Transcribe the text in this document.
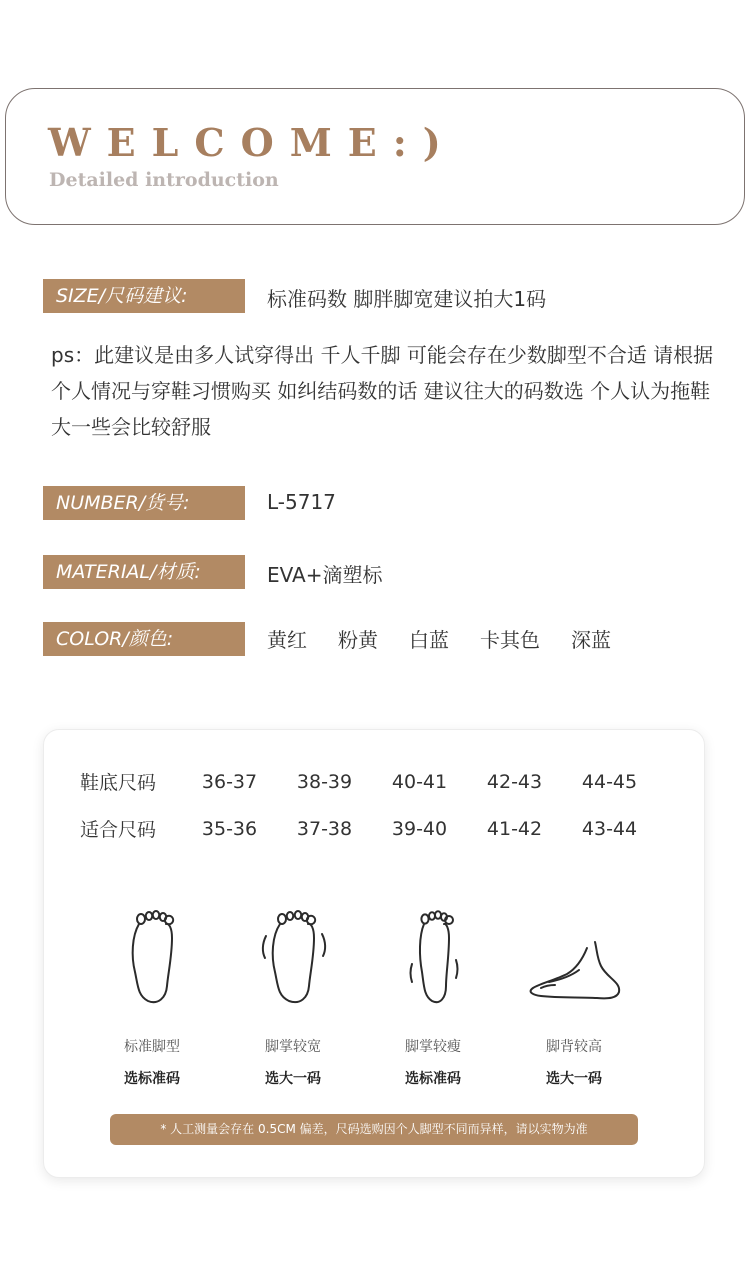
WELCOME:)
Detailed introduction
SIZE/尺码建议:	标准码数 脚胖脚宽建议拍大1码
ps：此建议是由多人试穿得出 千人千脚 可能会存在少数脚型不合适 请根据个人情况与穿鞋习惯购买 如纠结码数的话 建议往大的码数选 个人认为拖鞋大一些会比较舒服
NUMBER/货号:	L-5717
MATERIAL/材质:	EVA+滴塑标
COLOR/颜色:	黄红 粉黄 白蓝 卡其色 深蓝
鞋底尺码	36-37	38-39	40-41	42-43	44-45
适合尺码	35-36	37-38	39-40	41-42	43-44
标准脚型	脚掌较宽	脚掌较瘦	脚背较高
选标准码	选大一码	选标准码	选大一码
* 人工测量会存在 0.5CM 偏差，尺码选购因个人脚型不同而异样，请以实物为准
